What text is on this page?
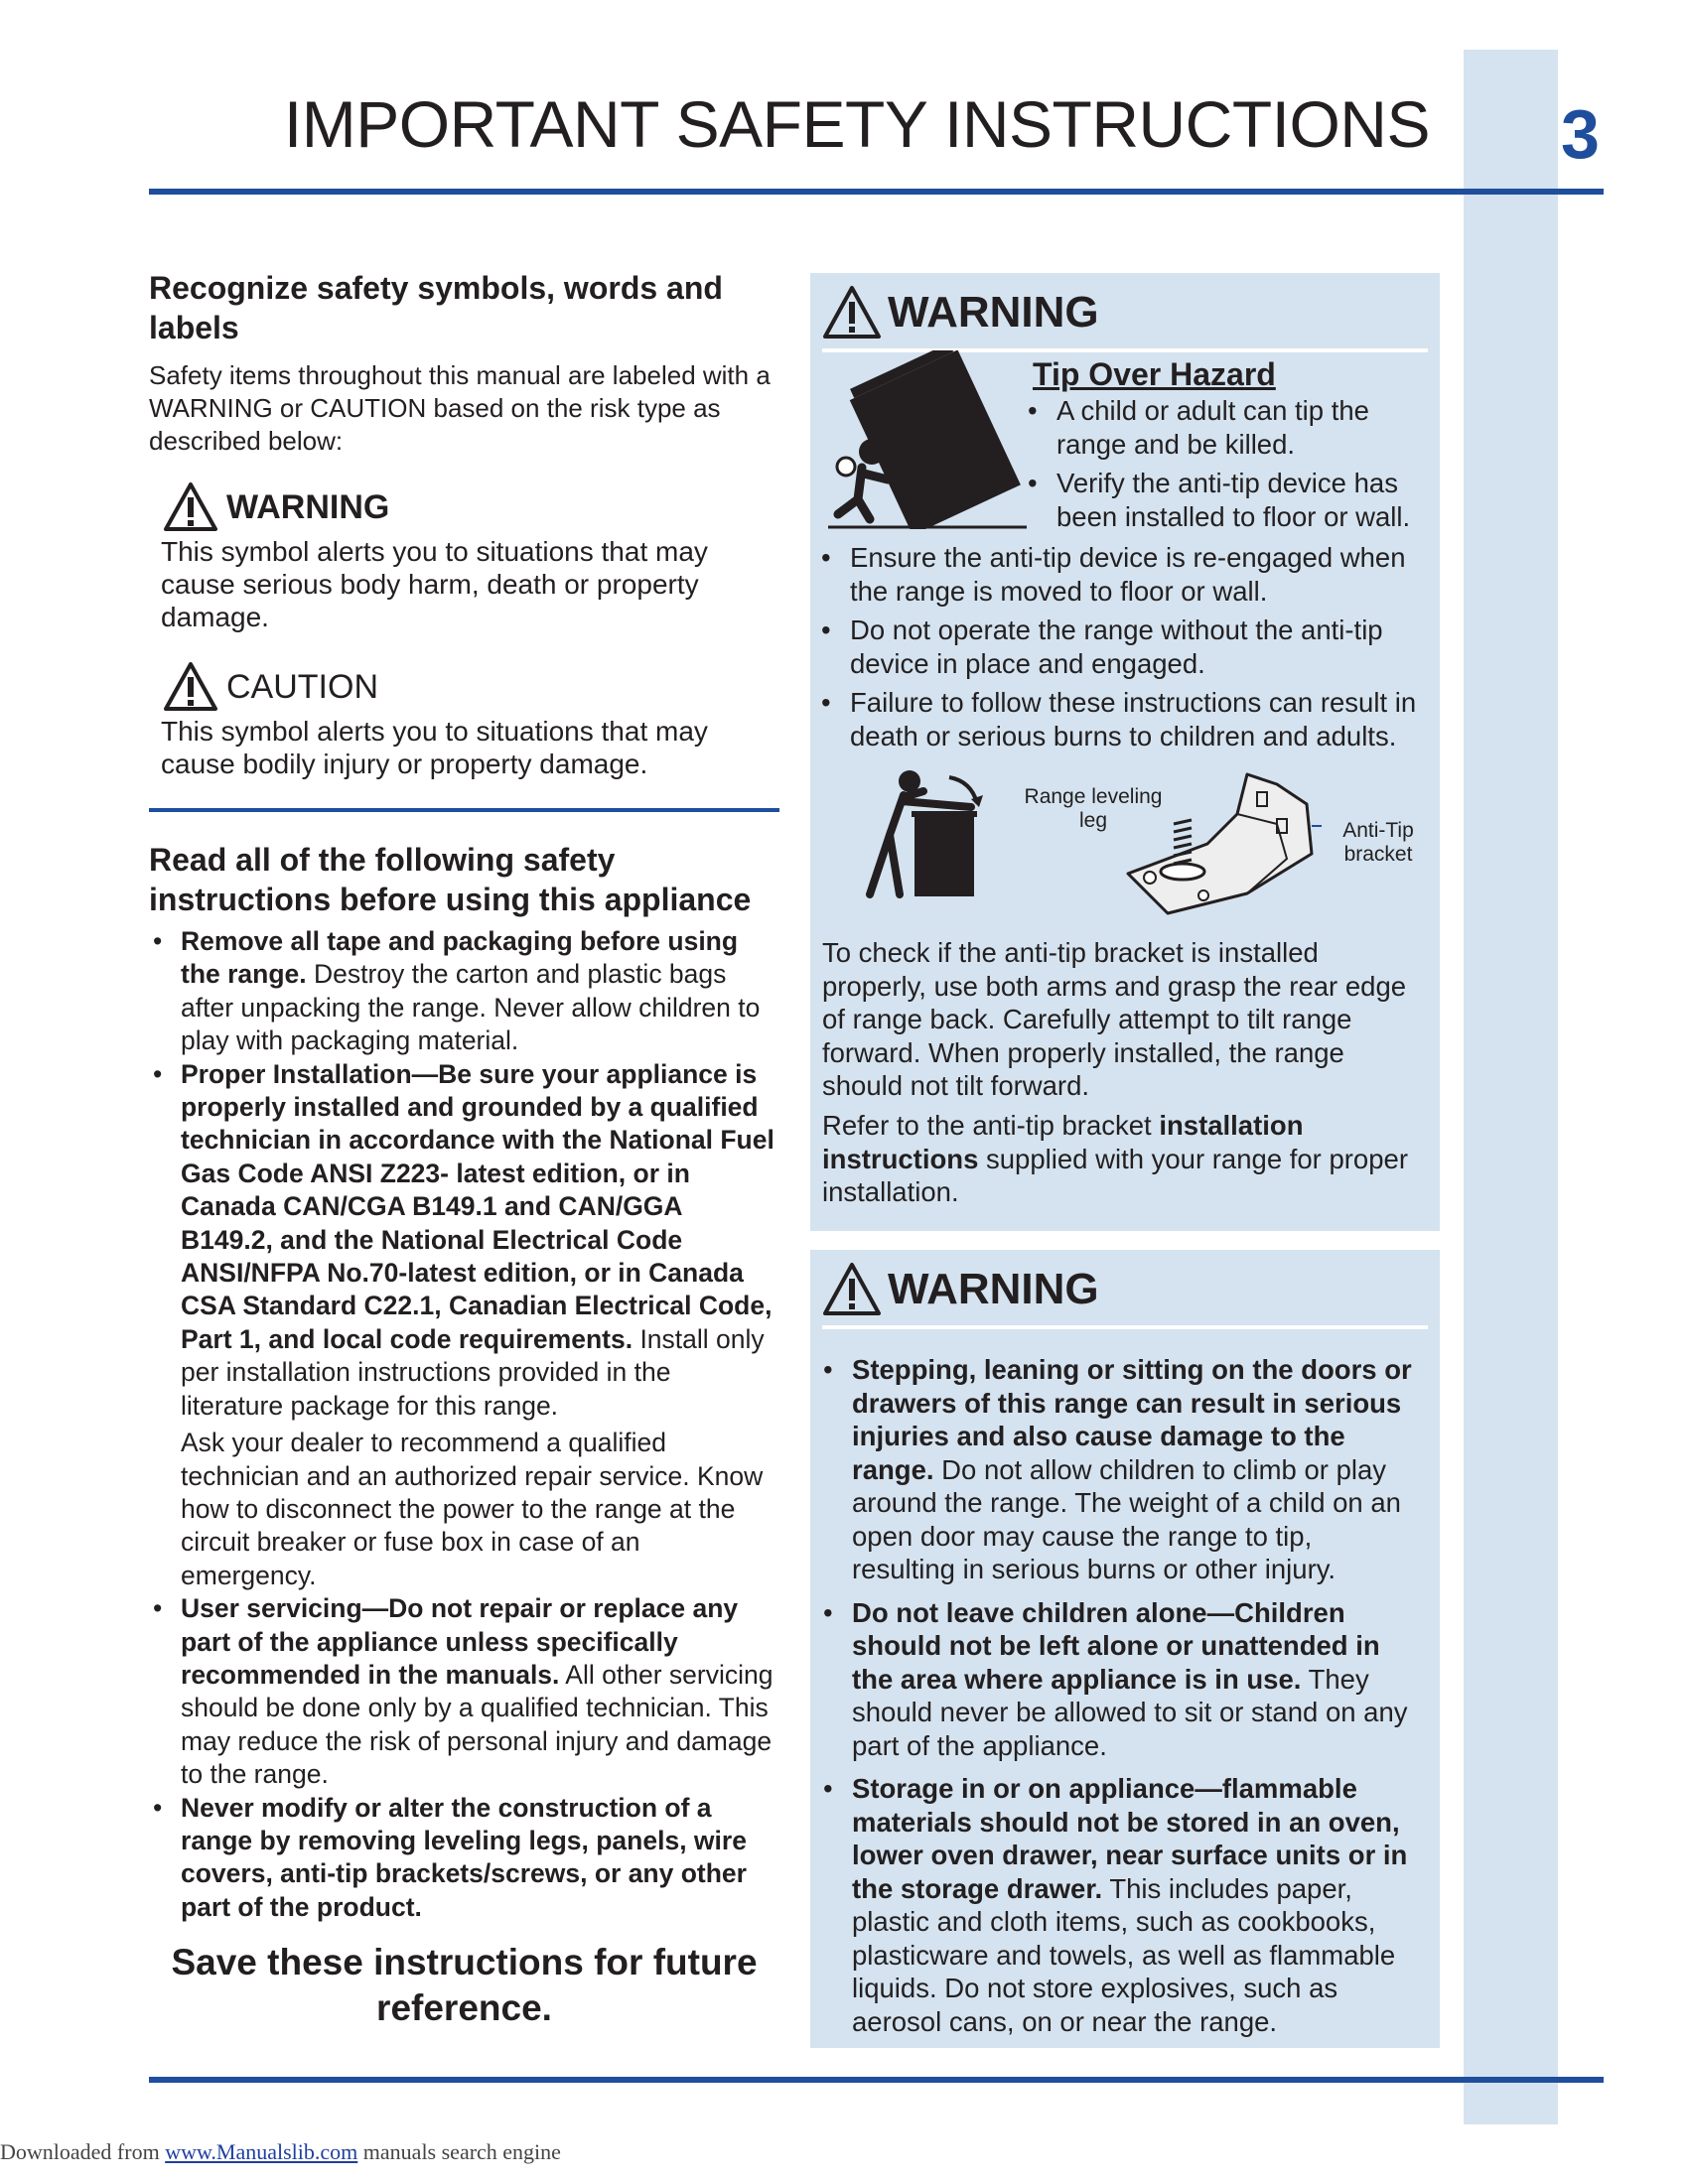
IMPORTANT SAFETY INSTRUCTIONS 3
Recognize safety symbols, words and labels

Safety items throughout this manual are labeled with a WARNING or CAUTION based on the risk type as described below:

WARNING

This symbol alerts you to situations that may cause serious body harm, death or property damage.

CAUTION

This symbol alerts you to situations that may cause bodily injury or property damage.

Read all of the following safety instructions before using this appliance
• Remove all tape and packaging before using the range. Destroy the carton and plastic bags after unpacking the range. Never allow children to play with packaging material.
• Proper Installation—Be sure your appliance is properly installed and grounded by a qualified technician in accordance with the National Fuel Gas Code ANSI Z223- latest edition, or in Canada CAN/CGA B149.1 and CAN/GGA B149.2, and the National Electrical Code ANSI/NFPA No.70-latest edition, or in Canada CSA Standard C22.1, Canadian Electrical Code, Part 1, and local code requirements. Install only per installation instructions provided in the literature package for this range.
Ask your dealer to recommend a qualified technician and an authorized repair service. Know how to disconnect the power to the range at the circuit breaker or fuse box in case of an emergency.
• User servicing—Do not repair or replace any part of the appliance unless specifically recommended in the manuals. All other servicing should be done only by a qualified technician. This may reduce the risk of personal injury and damage to the range.
• Never modify or alter the construction of a range by removing leveling legs, panels, wire covers, anti-tip brackets/screws, or any other part of the product.
Save these instructions for future reference.
WARNING
Tip Over Hazard
• A child or adult can tip the range and be killed.
• Verify the anti-tip device has been installed to floor or wall.
• Ensure the anti-tip device is re-engaged when the range is moved to floor or wall.
• Do not operate the range without the anti-tip device in place and engaged.
• Failure to follow these instructions can result in death or serious burns to children and adults.
Range leveling leg	Anti-Tip bracket

To check if the anti-tip bracket is installed properly, use both arms and grasp the rear edge of range back. Carefully attempt to tilt range forward. When properly installed, the range should not tilt forward.

Refer to the anti-tip bracket installation instructions supplied with your range for proper installation.

WARNING
• Stepping, leaning or sitting on the doors or drawers of this range can result in serious injuries and also cause damage to the range. Do not allow children to climb or play around the range. The weight of a child on an open door may cause the range to tip, resulting in serious burns or other injury.
• Do not leave children alone—Children should not be left alone or unattended in the area where appliance is in use. They should never be allowed to sit or stand on any part of the appliance.
• Storage in or on appliance—flammable materials should not be stored in an oven, lower oven drawer, near surface units or in the storage drawer. This includes paper, plastic and cloth items, such as cookbooks, plasticware and towels, as well as flammable liquids. Do not store explosives, such as aerosol cans, on or near the range.
Downloaded from www.Manualslib.com manuals search engine
